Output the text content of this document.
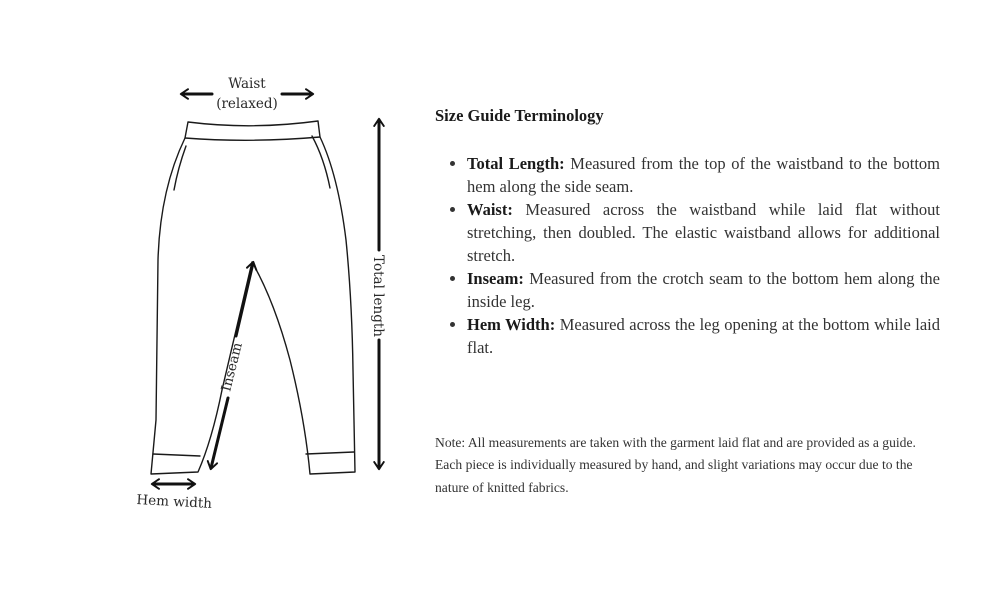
Waist
(relaxed)
Total length
Inseam
Hem width
Size Guide Terminology
• Total Length: Measured from the top of the waistband to the bottom hem along the side seam.
• Waist: Measured across the waistband while laid flat without stretching, then doubled. The elastic waistband allows for additional stretch.
• Inseam: Measured from the crotch seam to the bottom hem along the inside leg.
• Hem Width: Measured across the leg opening at the bottom while laid flat.

Note: All measurements are taken with the garment laid flat and are provided as a guide. Each piece is individually measured by hand, and slight variations may occur due to the nature of knitted fabrics.
